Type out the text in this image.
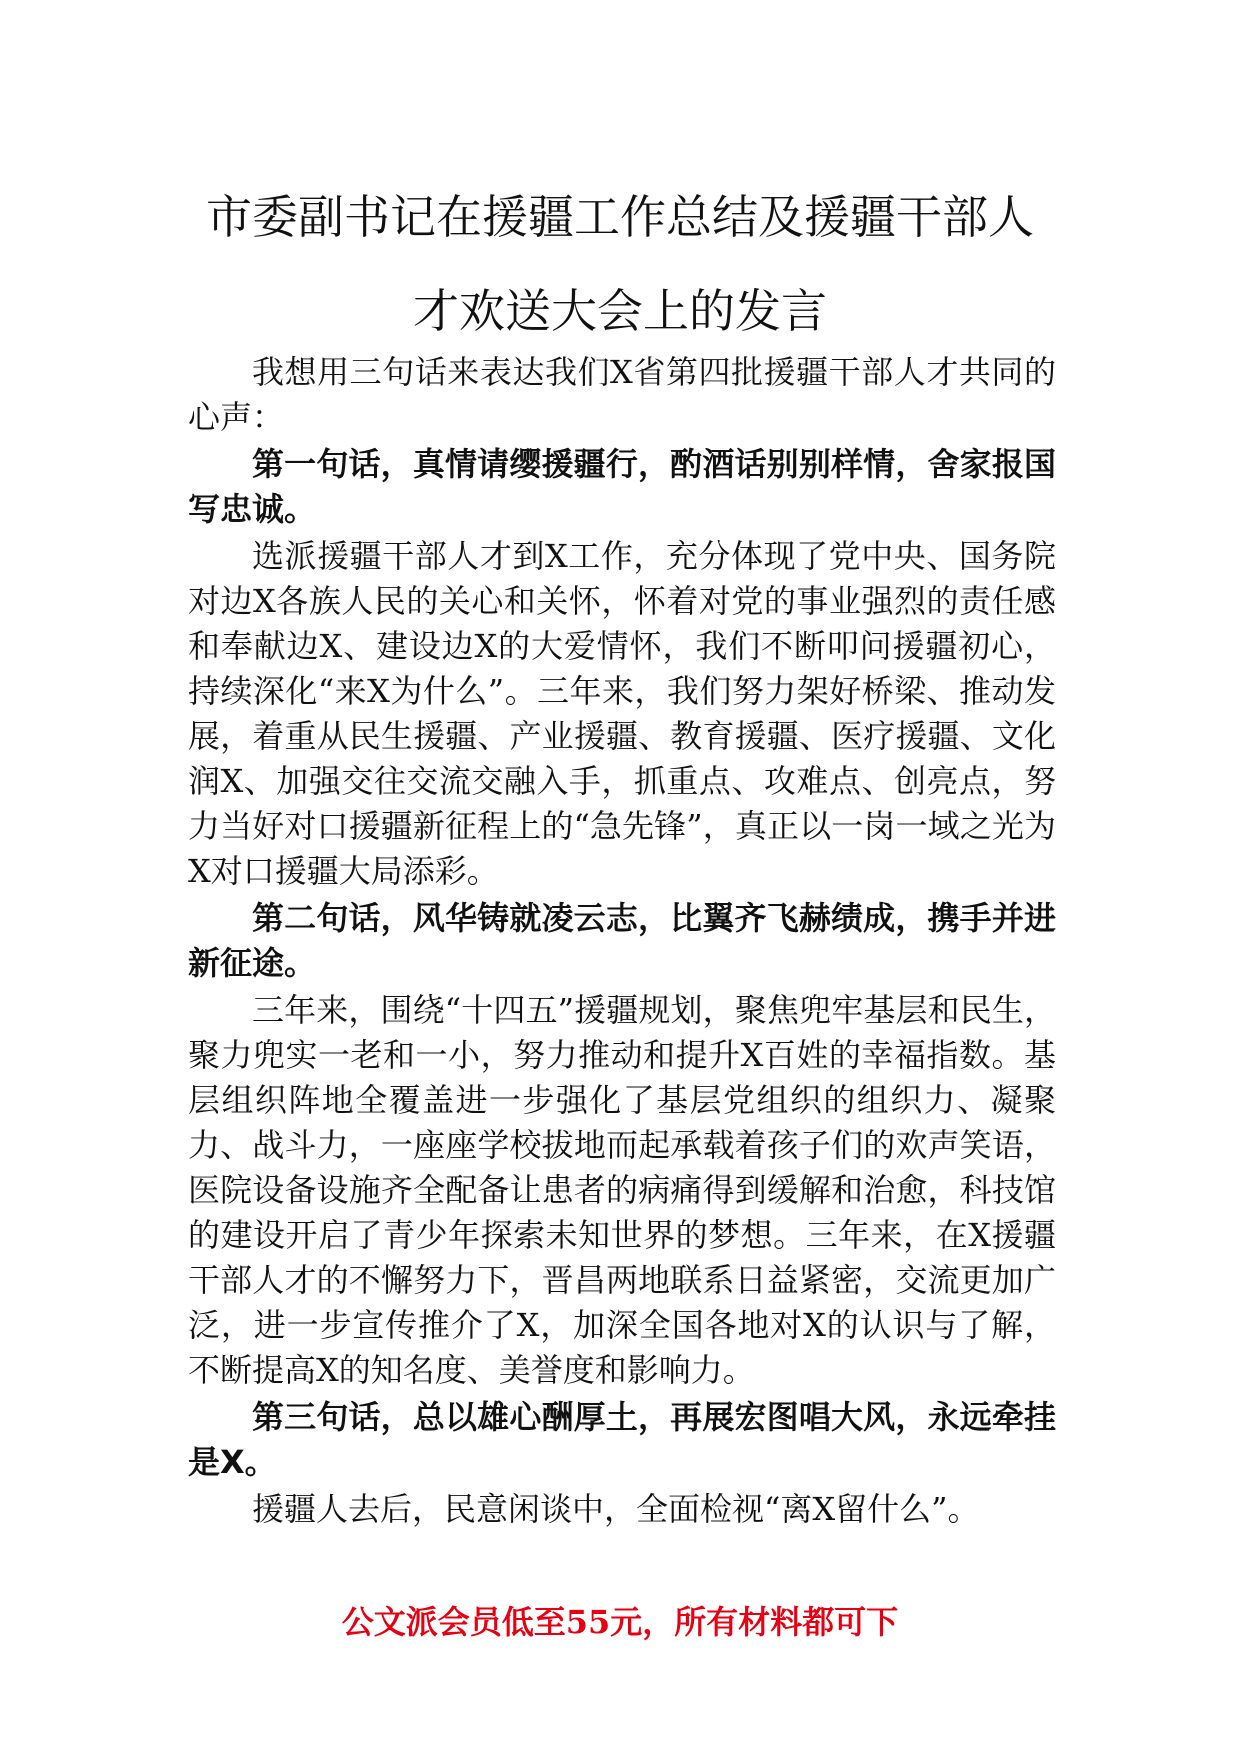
市委副书记在援疆工作总结及援疆干部人
才欢送大会上的发言

我想用三句话来表达我们X省第四批援疆干部人才共同的心声：

第一句话，真情请缨援疆行，酌酒话别别样情，舍家报国写忠诚。

选派援疆干部人才到X工作，充分体现了党中央、国务院对边X各族人民的关心和关怀，怀着对党的事业强烈的责任感和奉献边X、建设边X的大爱情怀，我们不断叩问援疆初心，持续深化“来X为什么”。三年来，我们努力架好桥梁、推动发展，着重从民生援疆、产业援疆、教育援疆、医疗援疆、文化润X、加强交往交流交融入手，抓重点、攻难点、创亮点，努力当好对口援疆新征程上的“急先锋”，真正以一岗一域之光为X对口援疆大局添彩。

第二句话，风华铸就凌云志，比翼齐飞赫绩成，携手并进新征途。

三年来，围绕“十四五”援疆规划，聚焦兜牢基层和民生，聚力兜实一老和一小，努力推动和提升X百姓的幸福指数。基层组织阵地全覆盖进一步强化了基层党组织的组织力、凝聚力、战斗力，一座座学校拔地而起承载着孩子们的欢声笑语，医院设备设施齐全配备让患者的病痛得到缓解和治愈，科技馆的建设开启了青少年探索未知世界的梦想。三年来，在X援疆干部人才的不懈努力下，晋昌两地联系日益紧密，交流更加广泛，进一步宣传推介了X，加深全国各地对X的认识与了解，不断提高X的知名度、美誉度和影响力。

第三句话，总以雄心酬厚土，再展宏图唱大风，永远牵挂是X。

援疆人去后，民意闲谈中，全面检视“离X留什么”。

公文派会员低至55元，所有材料都可下
